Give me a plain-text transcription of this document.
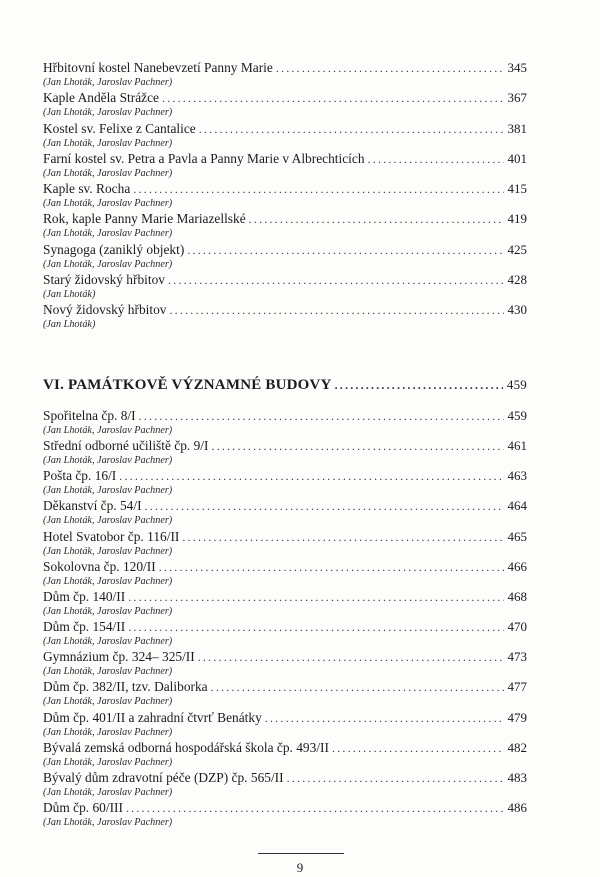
Hřbitovní kostel Nanebevzetí Panny Marie . . .	345
(Jan Lhoták, Jaroslav Pachner)
Kaple Anděla Strážce . . .	367
(Jan Lhoták, Jaroslav Pachner)
Kostel sv. Felixe z Cantalice . . .	381
(Jan Lhoták, Jaroslav Pachner)
Farní kostel sv. Petra a Pavla a Panny Marie v Albrechticích . . .	401
(Jan Lhoták, Jaroslav Pachner)
Kaple sv. Rocha . . .	415
(Jan Lhoták, Jaroslav Pachner)
Rok, kaple Panny Marie Mariazellské . . .	419
(Jan Lhoták, Jaroslav Pachner)
Synagoga (zaniklý objekt) . . .	425
(Jan Lhoták, Jaroslav Pachner)
Starý židovský hřbitov . . .	428
(Jan Lhoták)
Nový židovský hřbitov . . .	430
(Jan Lhoták)
VI. PAMÁTKOVĚ VÝZNAMNÉ BUDOVY . . .	459
Spořitelna čp. 8/I . . .	459
(Jan Lhoták, Jaroslav Pachner)
Střední odborné učiliště čp. 9/I . . .	461
(Jan Lhoták, Jaroslav Pachner)
Pošta čp. 16/I . . .	463
(Jan Lhoták, Jaroslav Pachner)
Děkanství čp. 54/I . . .	464
(Jan Lhoták, Jaroslav Pachner)
Hotel Svatobor čp. 116/II . . .	465
(Jan Lhoták, Jaroslav Pachner)
Sokolovna čp. 120/II . . .	466
(Jan Lhoták, Jaroslav Pachner)
Dům čp. 140/II . . .	468
(Jan Lhoták, Jaroslav Pachner)
Dům čp. 154/II . . .	470
(Jan Lhoták, Jaroslav Pachner)
Gymnázium čp. 324– 325/II . . .	473
(Jan Lhoták, Jaroslav Pachner)
Dům čp. 382/II, tzv. Daliborka . . .	477
(Jan Lhoták, Jaroslav Pachner)
Dům čp. 401/II a zahradní čtvrť Benátky . . .	479
(Jan Lhoták, Jaroslav Pachner)
Bývalá zemská odborná hospodářská škola čp. 493/II . . .	482
(Jan Lhoták, Jaroslav Pachner)
Bývalý dům zdravotní péče (DZP) čp. 565/II . . .	483
(Jan Lhoták, Jaroslav Pachner)
Dům čp. 60/III . . .	486
(Jan Lhoták, Jaroslav Pachner)
9
